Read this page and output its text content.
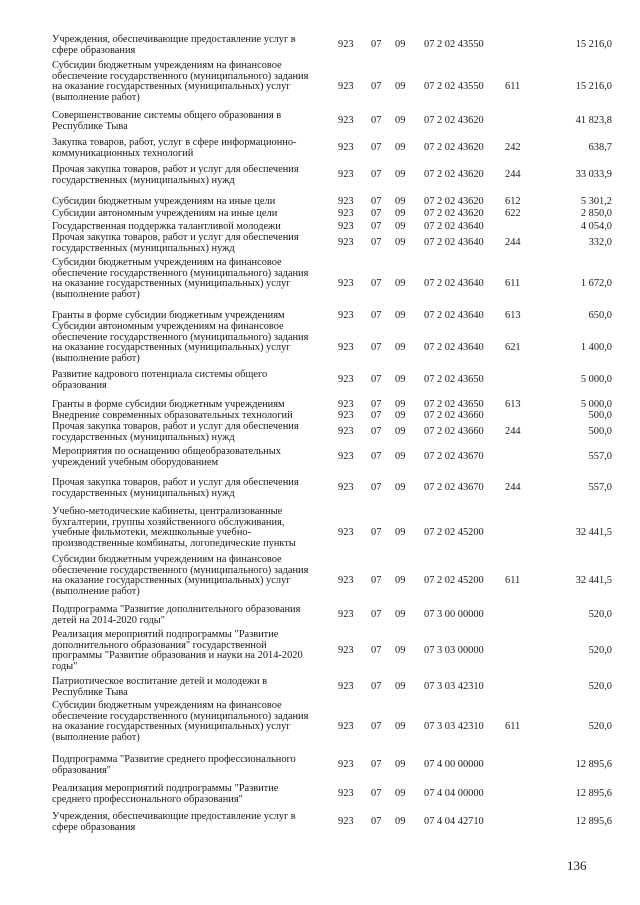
Учреждения, обеспечивающие предоставление услуг в сфере образования
923 07 09 07 2 02 43550	15 216,0
Субсидии бюджетным учреждениям на финансовое обеспечение государственного (муниципального) задания на оказание государственных (муниципальных) услуг (выполнение работ)
923 07 09 07 2 02 43550 611	15 216,0
Совершенствование системы общего образования в Республике Тыва
923 07 09 07 2 02 43620	41 823,8
Закупка товаров, работ, услуг в сфере информационно-коммуникационных технологий
923 07 09 07 2 02 43620 242	638,7
Прочая закупка товаров, работ и услуг для обеспечения государственных (муниципальных) нужд
923 07 09 07 2 02 43620 244	33 033,9
Субсидии бюджетным учреждениям на иные цели	923 07 09 07 2 02 43620 612	5 301,2
Субсидии автономным учреждениям на иные цели	923 07 09 07 2 02 43620 622	2 850,0
Государственная поддержка талантливой молодежи	923 07 09 07 2 02 43640	4 054,0
Прочая закупка товаров, работ и услуг для обеспечения государственных (муниципальных) нужд
923 07 09 07 2 02 43640 244	332,0
Субсидии бюджетным учреждениям на финансовое обеспечение государственного (муниципального) задания на оказание государственных (муниципальных) услуг (выполнение работ)
923 07 09 07 2 02 43640 611	1 672,0
Гранты в форме субсидии бюджетным учреждениям	923 07 09 07 2 02 43640 613	650,0
Субсидии автономным учреждениям на финансовое обеспечение государственного (муниципального) задания на оказание государственных (муниципальных) услуг (выполнение работ)
923 07 09 07 2 02 43640 621	1 400,0
Развитие кадрового потенциала системы общего образования
923 07 09 07 2 02 43650	5 000,0
Гранты в форме субсидии бюджетным учреждениям	923 07 09 07 2 02 43650 613	5 000,0
Внедрение современных образовательных технологий	923 07 09 07 2 02 43660	500,0
Прочая закупка товаров, работ и услуг для обеспечения государственных (муниципальных) нужд
923 07 09 07 2 02 43660 244	500,0
Мероприятия по оснащению общеобразовательных учреждений учебным оборудованием
923 07 09 07 2 02 43670	557,0
Прочая закупка товаров, работ и услуг для обеспечения государственных (муниципальных) нужд
923 07 09 07 2 02 43670 244	557,0
Учебно-методические кабинеты, централизованные бухгалтерии, группы хозяйственного обслуживания, учебные фильмотеки, межшкольные учебно-производственные комбинаты, логопедические пункты
923 07 09 07 2 02 45200	32 441,5
Субсидии бюджетным учреждениям на финансовое обеспечение государственного (муниципального) задания на оказание государственных (муниципальных) услуг (выполнение работ)
923 07 09 07 2 02 45200 611	32 441,5
Подпрограмма "Развитие дополнительного образования детей на 2014-2020 годы"
923 07 09 07 3 00 00000	520,0
Реализация мероприятий подпрограммы "Развитие дополнительного образования" государственной программы "Развитие образования и науки на 2014-2020 годы"
923 07 09 07 3 03 00000	520,0
Патриотическое воспитание детей и молодежи в Республике Тыва
923 07 09 07 3 03 42310	520,0
Субсидии бюджетным учреждениям на финансовое обеспечение государственного (муниципального) задания на оказание государственных (муниципальных) услуг (выполнение работ)
923 07 09 07 3 03 42310 611	520,0
Подпрограмма "Развитие среднего профессионального образования"
923 07 09 07 4 00 00000	12 895,6
Реализация мероприятий подпрограммы "Развитие среднего профессионального образования"
923 07 09 07 4 04 00000	12 895,6
Учреждения, обеспечивающие предоставление услуг в сфере образования
923 07 09 07 4 04 42710	12 895,6
136
